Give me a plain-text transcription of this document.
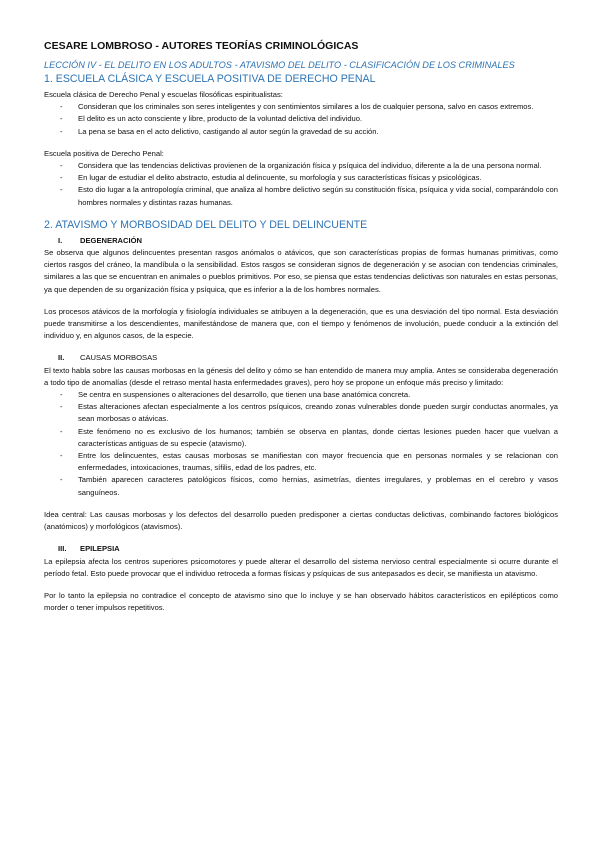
CESARE LOMBROSO - AUTORES TEORÍAS CRIMINOLÓGICAS
LECCIÓN IV - EL DELITO EN LOS ADULTOS - ATAVISMO DEL DELITO - CLASIFICACIÓN DE LOS CRIMINALES
1. ESCUELA CLÁSICA Y ESCUELA POSITIVA DE DERECHO PENAL

Escuela clásica de Derecho Penal y escuelas filosóficas espiritualistas:

- Consideran que los criminales son seres inteligentes y con sentimientos similares a los de cualquier persona, salvo en casos extremos.
- El delito es un acto consciente y libre, producto de la voluntad delictiva del individuo.
- La pena se basa en el acto delictivo, castigando al autor según la gravedad de su acción.

Escuela positiva de Derecho Penal:

- Considera que las tendencias delictivas provienen de la organización física y psíquica del individuo, diferente a la de una persona normal.
- En lugar de estudiar el delito abstracto, estudia al delincuente, su morfología y sus características físicas y psicológicas.
- Esto dio lugar a la antropología criminal, que analiza al hombre delictivo según su constitución física, psíquica y vida social, comparándolo con hombres normales y distintas razas humanas.
2. ATAVISMO Y MORBOSIDAD DEL DELITO Y DEL DELINCUENTE
I. DEGENERACIÓN

Se observa que algunos delincuentes presentan rasgos anómalos o atávicos, que son características propias de formas humanas primitivas, como ciertos rasgos del cráneo, la mandíbula o la sensibilidad. Estos rasgos se consideran signos de degeneración y se asocian con tendencias criminales, similares a las que se encuentran en animales o pueblos primitivos. Por eso, se piensa que estas tendencias delictivas son naturales en estas personas, ya que dependen de su organización física y psíquica, que es inferior a la de los hombres normales.

Los procesos atávicos de la morfología y fisiología individuales se atribuyen a la degeneración, que es una desviación del tipo normal. Esta desviación puede transmitirse a los descendientes, manifestándose de manera que, con el tiempo y fenómenos de involución, puede conducir a la extinción del individuo y, en algunos casos, de la especie.

II. CAUSAS MORBOSAS

El texto habla sobre las causas morbosas en la génesis del delito y cómo se han entendido de manera muy amplia. Antes se consideraba degeneración a todo tipo de anomalías (desde el retraso mental hasta enfermedades graves), pero hoy se propone un enfoque más preciso y limitado:

- Se centra en suspensiones o alteraciones del desarrollo, que tienen una base anatómica concreta.
- Estas alteraciones afectan especialmente a los centros psíquicos, creando zonas vulnerables donde pueden surgir conductas anormales, ya sean morbosas o atávicas.
- Este fenómeno no es exclusivo de los humanos; también se observa en plantas, donde ciertas lesiones pueden hacer que vuelvan a características antiguas de su especie (atavismo).
- Entre los delincuentes, estas causas morbosas se manifiestan con mayor frecuencia que en personas normales y se relacionan con enfermedades, intoxicaciones, traumas, sífilis, edad de los padres, etc.
- También aparecen caracteres patológicos físicos, como hernias, asimetrías, dientes irregulares, y problemas en el cerebro y vasos sanguíneos.

Idea central: Las causas morbosas y los defectos del desarrollo pueden predisponer a ciertas conductas delictivas, combinando factores biológicos (anatómicos) y morfológicos (atavismos).

III. EPILEPSIA

La epilepsia afecta los centros superiores psicomotores y puede alterar el desarrollo del sistema nervioso central especialmente si ocurre durante el período fetal. Esto puede provocar que el individuo retroceda a formas físicas y psíquicas de sus antepasados es decir, se manifiesta un atavismo.

Por lo tanto la epilepsia no contradice el concepto de atavismo sino que lo incluye y se han observado hábitos característicos en epilépticos como morder o tener impulsos repetitivos.
